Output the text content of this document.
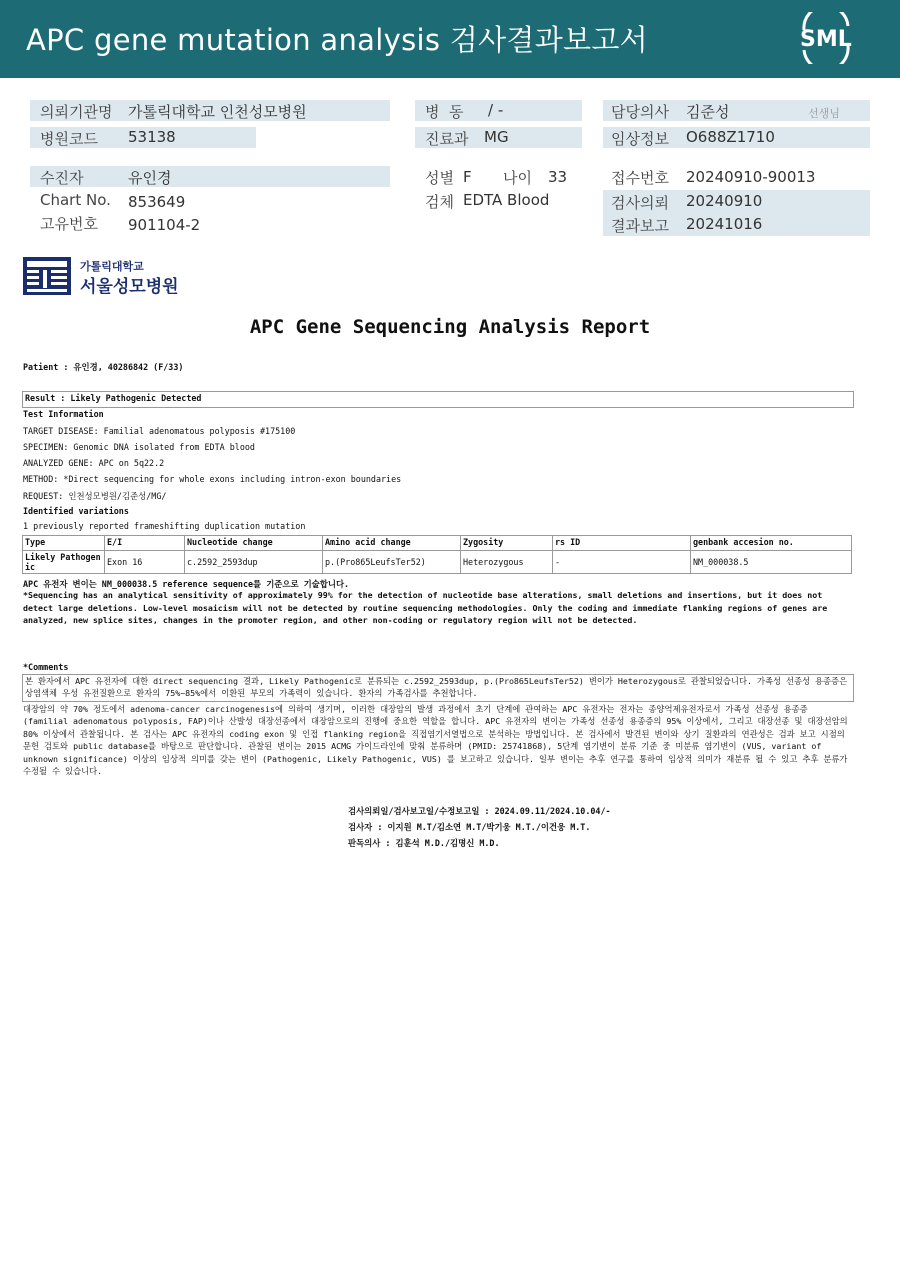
APC gene mutation analysis 검사결과보고서	SML
의뢰기관명 가톨릭대학교 인천성모병원
병원코드 53138
병  동 / -
진료과 MG
담당의사 김준성	선생님
임상정보 O688Z1710
수진자	유인경
Chart No. 853649
고유번호 901104-2
성별 F 나이 33
검체 EDTA Blood
접수번호 20240910-90013
검사의뢰 20240910
결과보고 20241016
가톨릭대학교
서울성모병원
APC Gene Sequencing Analysis Report
Patient : 유인경, 40286842 (F/33)
Result : Likely Pathogenic Detected
Test Information
TARGET DISEASE: Familial adenomatous polyposis #175100
SPECIMEN: Genomic DNA isolated from EDTA blood
ANALYZED GENE: APC on 5q22.2
METHOD: *Direct sequencing for whole exons including intron-exon boundaries
REQUEST: 인천성모병원/김준성/MG/
Identified variations
1 previously reported frameshifting duplication mutation
Type	E/I	Nucleotide change	Amino acid change	Zygosity	rs ID	genbank accesion no.
Likely Pathogenic	Exon 16	c.2592_2593dup	p.(Pro865LeufsTer52)	Heterozygous	-	NM_000038.5
APC 유전자 변이는 NM_000038.5 reference sequence를 기준으로 기술합니다.
*Sequencing has an analytical sensitivity of approximately 99% for the detection of nucleotide base alterations, small deletions and insertions, but it does not detect large deletions. Low-level mosaicism will not be detected by routine sequencing methodologies. Only the coding and immediate flanking regions of genes are analyzed, new splice sites, changes in the promoter region, and other non-coding or regulatory region will not be detected.
*Comments
본 환자에서 APC 유전자에 대한 direct sequencing 결과, Likely Pathogenic로 분류되는 c.2592_2593dup, p.(Pro865LeufsTer52) 변이가 Heterozygous로 관찰되었습니다. 가족성 선종성 용종증은 상염색체 우성 유전질환으로 환자의 75%~85%에서 이환된 부모의 가족력이 있습니다. 환자의 가족검사를 추천합니다.
대장암의 약 70% 정도에서 adenoma-cancer carcinogenesis에 의하여 생기며, 이러한 대장암의 발생 과정에서 초기 단계에 관여하는 APC 유전자는 전자는 종양억제유전자로서 가족성 선종성 용종증 (familial adenomatous polyposis, FAP)이나 산발성 대장선종에서 대장암으로의 진행에 중요한 역할을 합니다. APC 유전자의 변이는 가족성 선종성 용종증의 95% 이상에서, 그리고 대장선종 및 대장선암의 80% 이상에서 관찰됩니다. 본 검사는 APC 유전자의 coding exon 및 인접 flanking region을 직접염기서열법으로 분석하는 방법입니다. 본 검사에서 발견된 변이와 상기 질환과의 연관성은 검과 보고 시점의 문헌 검토와 public database를 바탕으로 판단합니다. 관찰된 변이는 2015 ACMG 가이드라인에 맞춰 분류하며 (PMID: 25741868), 5단계 염기변이 분류 기준 중 미분류 염기변이 (VUS, variant of unknown significance) 이상의 임상적 의미를 갖는 변이 (Pathogenic, Likely Pathogenic, VUS) 를 보고하고 있습니다. 일부 변이는 추후 연구를 통하여 임상적 의미가 재분류 될 수 있고 추후 분류가 수정될 수 있습니다.
검사의뢰일/검사보고일/수정보고일 : 2024.09.11/2024.10.04/-
검사자 : 이지원 M.T/김소연 M.T/박기웅 M.T./이건웅 M.T.
판독의사 : 김훈석 M.D./김명신 M.D.
